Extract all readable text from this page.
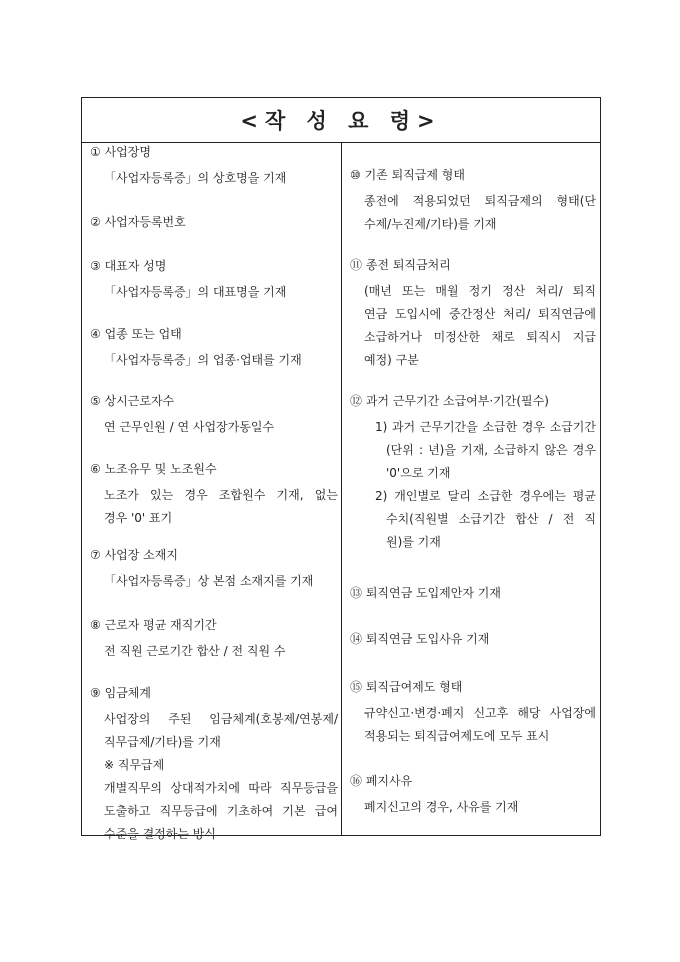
<작 성 요 령>
① 사업장명
「사업자등록증」의 상호명을 기재
② 사업자등록번호
③ 대표자 성명
「사업자등록증」의 대표명을 기재
④ 업종 또는 업태
「사업자등록증」의 업종·업태를 기재
⑤ 상시근로자수
연 근무인원 / 연 사업장가동일수
⑥ 노조유무 및 노조원수
노조가 있는 경우 조합원수 기재, 없는
경우 '0' 표기
⑦ 사업장 소재지
「사업자등록증」상 본점 소재지를 기재
⑧ 근로자 평균 재직기간
전 직원 근로기간 합산 / 전 직원 수
⑨ 임금체계
사업장의 주된 임금체계(호봉제/연봉제/
직무급제/기타)를 기재
※ 직무급제
개별직무의 상대적가치에 따라 직무등급을
도출하고 직무등급에 기초하여 기본 급여
수준을 결정하는 방식
⑩ 기존 퇴직급제 형태
종전에 적용되었던 퇴직금제의 형태(단
수제/누진제/기타)를 기재
⑪ 종전 퇴직금처리
(매년 또는 매월 정기 정산 처리/ 퇴직
연금 도입시에 중간정산 처리/ 퇴직연금에
소급하거나 미정산한 채로 퇴직시 지급
예정) 구분
⑫ 과거 근무기간 소급여부·기간(필수)
1) 과거 근무기간을 소급한 경우 소급기간
(단위 : 년)을 기재, 소급하지 않은 경우
'0'으로 기재
2) 개인별로 달리 소급한 경우에는 평균
수치(직원별 소급기간 합산 / 전 직
원)를 기재
⑬ 퇴직연금 도입제안자 기재
⑭ 퇴직연금 도입사유 기재
⑮ 퇴직급여제도 형태
규약신고·변경·폐지 신고후 해당 사업장에
적용되는 퇴직급여제도에 모두 표시
⑯ 폐지사유
폐지신고의 경우, 사유를 기재
